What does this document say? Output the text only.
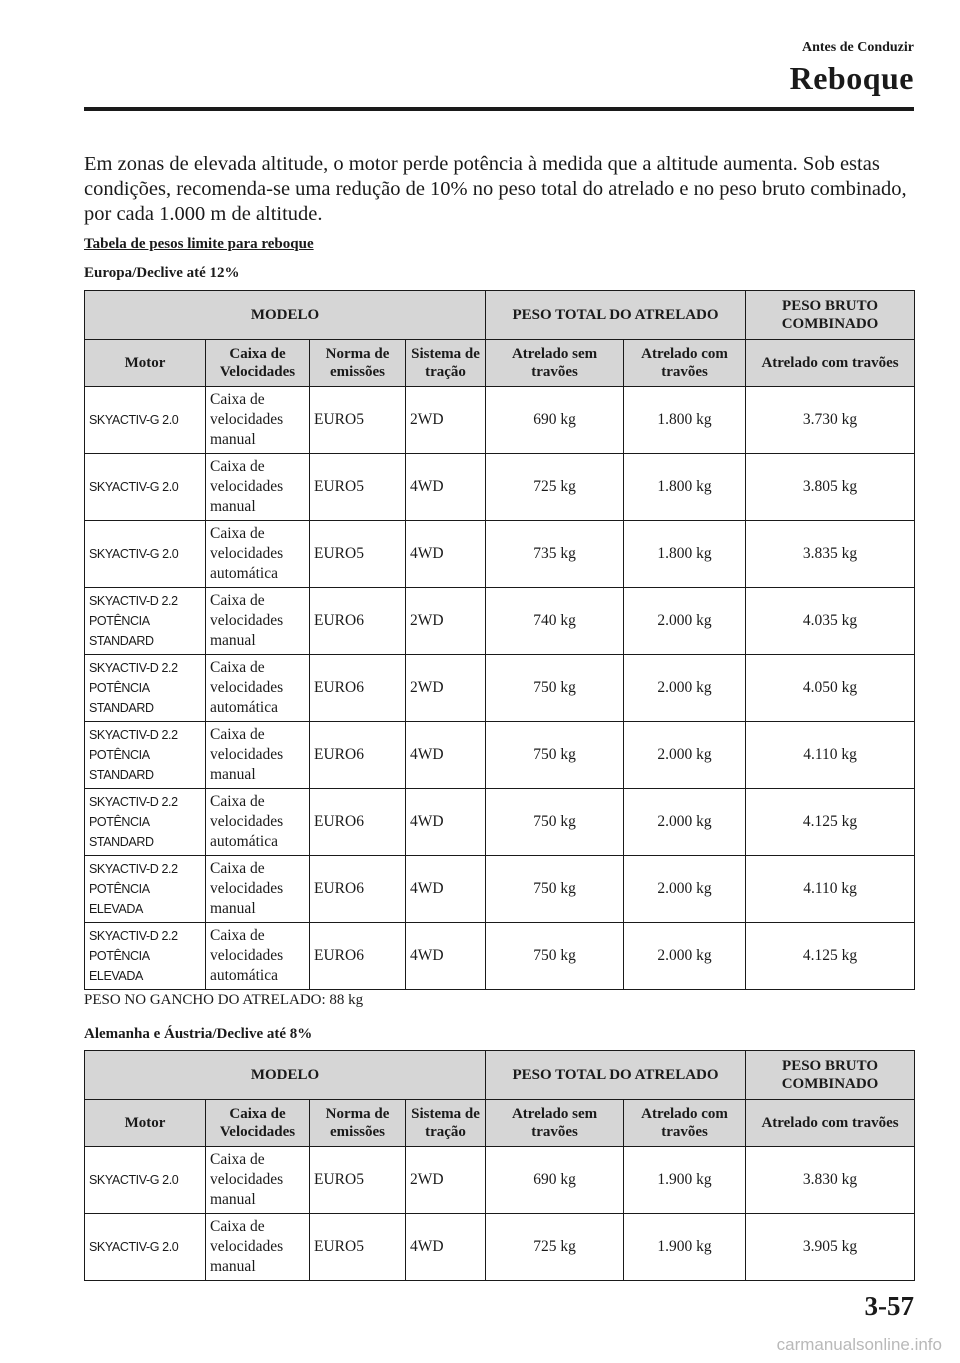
Antes de Conduzir
Reboque

Em zonas de elevada altitude, o motor perde potência à medida que a altitude aumenta. Sob estas condições, recomenda-se uma redução de 10% no peso total do atrelado e no peso bruto combinado, por cada 1.000 m de altitude.

Tabela de pesos limite para reboque
Europa/Declive até 12%
MODELO				PESO TOTAL DO ATRELADO		PESO BRUTO COMBINADO
Motor	Caixa de Velocidades	Norma de emissões	Sistema de tração	Atrelado sem travões	Atrelado com travões	Atrelado com travões

SKYACTIV-G 2.0	Caixa de
velocidades
manual	EURO5	2WD	690 kg	1.800 kg	3.730 kg

SKYACTIV-G 2.0	Caixa de
velocidades
manual	EURO5	4WD	725 kg	1.800 kg	3.805 kg

SKYACTIV-G 2.0	Caixa de
velocidades
automática	EURO5	4WD	735 kg	1.800 kg	3.835 kg

SKYACTIV-D 2.2
POTÊNCIA
STANDARD	Caixa de
velocidades
manual	EURO6	2WD	740 kg	2.000 kg	4.035 kg

SKYACTIV-D 2.2
POTÊNCIA
STANDARD	Caixa de
velocidades
automática	EURO6	2WD	750 kg	2.000 kg	4.050 kg

SKYACTIV-D 2.2
POTÊNCIA
STANDARD	Caixa de
velocidades
manual	EURO6	4WD	750 kg	2.000 kg	4.110 kg

SKYACTIV-D 2.2
POTÊNCIA
STANDARD	Caixa de
velocidades
automática	EURO6	4WD	750 kg	2.000 kg	4.125 kg

SKYACTIV-D 2.2
POTÊNCIA
ELEVADA	Caixa de
velocidades
manual	EURO6	4WD	750 kg	2.000 kg	4.110 kg

SKYACTIV-D 2.2
POTÊNCIA
ELEVADA	Caixa de
velocidades
automática	EURO6	4WD	750 kg	2.000 kg	4.125 kg
PESO NO GANCHO DO ATRELADO: 88 kg
Alemanha e Áustria/Declive até 8%
MODELO				PESO TOTAL DO ATRELADO		PESO BRUTO COMBINADO
Motor	Caixa de Velocidades	Norma de emissões	Sistema de tração	Atrelado sem travões	Atrelado com travões	Atrelado com travões

SKYACTIV-G 2.0	Caixa de
velocidades
manual	EURO5	2WD	690 kg	1.900 kg	3.830 kg

SKYACTIV-G 2.0	Caixa de
velocidades
manual	EURO5	4WD	725 kg	1.900 kg	3.905 kg
3-57
carmanualsonline.info
